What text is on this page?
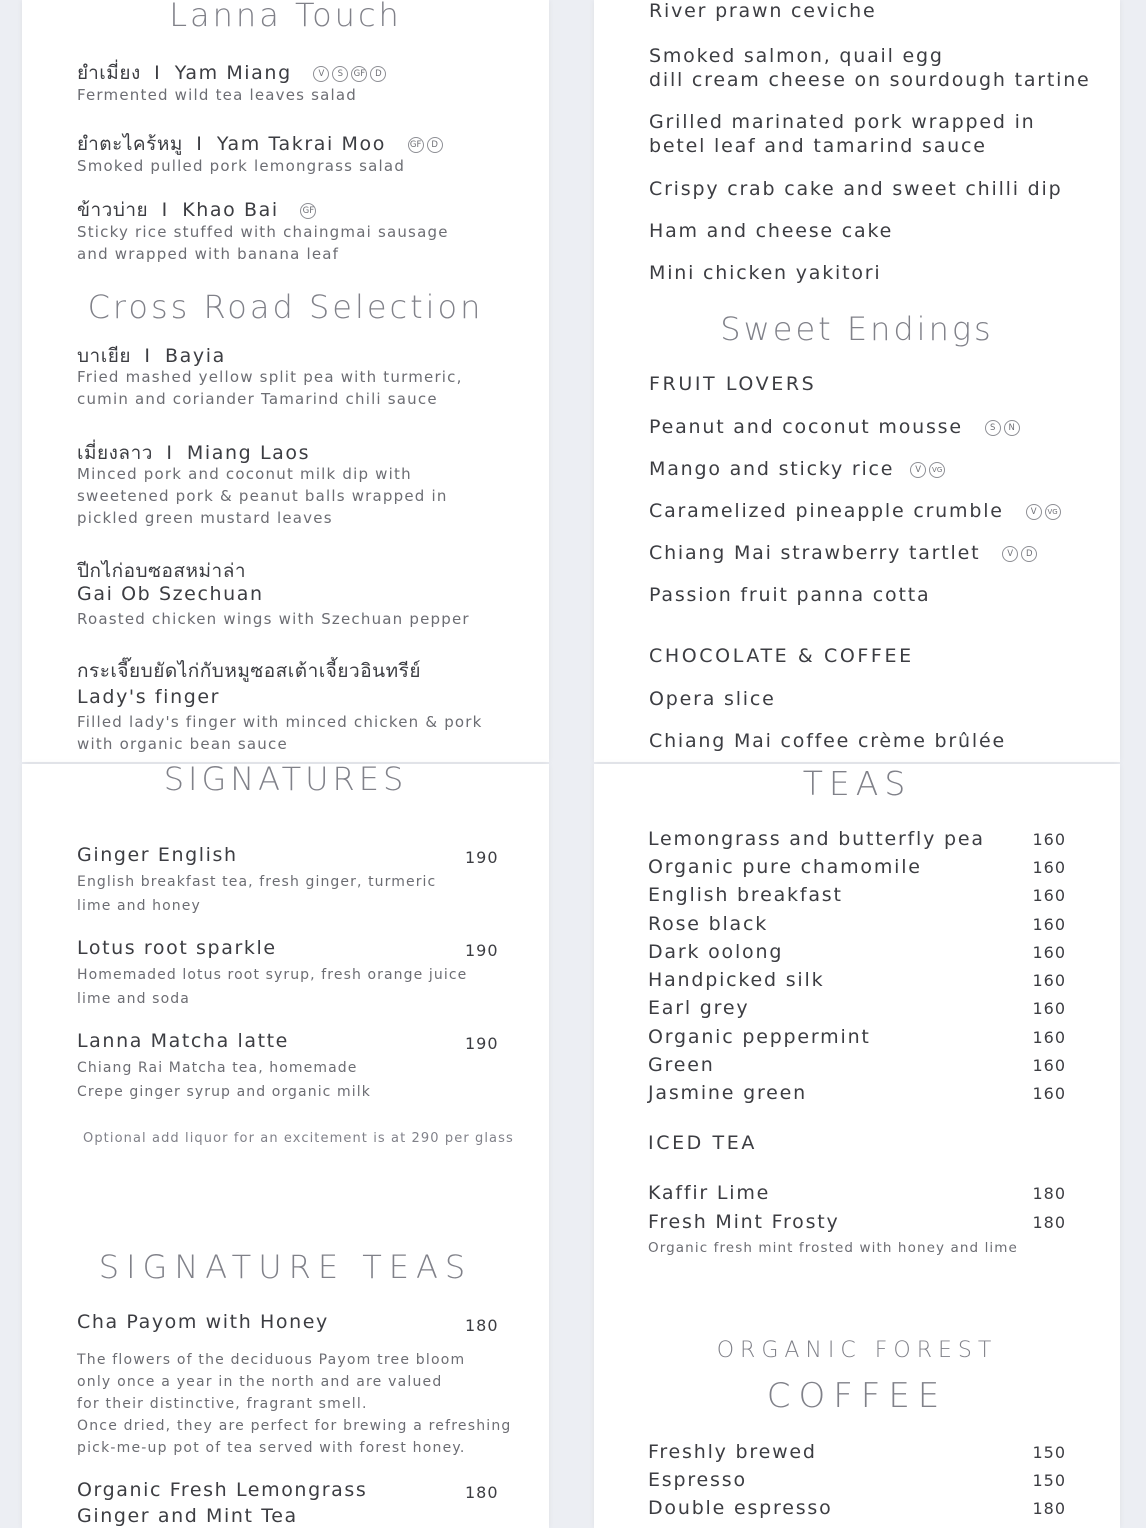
Lanna Touch
ยำเมี่ยง I Yam Miang	V	S	GF	D
Fermented wild tea leaves salad
ยำตะไคร้หมู I Yam Takrai Moo	GF	D
Smoked pulled pork lemongrass salad
ข้าวบ่าย I Khao Bai	GF
Sticky rice stuffed with chaingmai sausage
and wrapped with banana leaf
Cross Road Selection
บาเยีย I Bayia
Fried mashed yellow split pea with turmeric,
cumin and coriander Tamarind chili sauce
เมี่ยงลาว I Miang Laos
Minced pork and coconut milk dip with
sweetened pork & peanut balls wrapped in
pickled green mustard leaves
ปีกไก่อบซอสหม่าล่า
Gai Ob Szechuan
Roasted chicken wings with Szechuan pepper
กระเจี๊ยบยัดไก่กับหมูซอสเต้าเจี้ยวอินทรีย์
Lady's finger
Filled lady's finger with minced chicken & pork
with organic bean sauce
River prawn ceviche
Smoked salmon, quail egg
dill cream cheese on sourdough tartine
Grilled marinated pork wrapped in
betel leaf and tamarind sauce
Crispy crab cake and sweet chilli dip
Ham and cheese cake
Mini chicken yakitori
Sweet Endings
FRUIT LOVERS
Peanut and coconut mousse	S	N
Mango and sticky rice	V	VG
Caramelized pineapple crumble	V	VG
Chiang Mai strawberry tartlet	V	D
Passion fruit panna cotta
CHOCOLATE & COFFEE
Opera slice
Chiang Mai coffee crème brûlée
SIGNATURES
Ginger English	190
English breakfast tea, fresh ginger, turmeric
lime and honey
Lotus root sparkle	190
Homemaded lotus root syrup, fresh orange juice
lime and soda
Lanna Matcha latte	190
Chiang Rai Matcha tea, homemade
Crepe ginger syrup and organic milk
Optional add liquor for an excitement is at 290 per glass
SIGNATURE TEAS
Cha Payom with Honey	180
The flowers of the deciduous Payom tree bloom
only once a year in the north and are valued
for their distinctive, fragrant smell.
Once dried, they are perfect for brewing a refreshing
pick-me-up pot of tea served with forest honey.
Organic Fresh Lemongrass
Ginger and Mint Tea
180
TEAS
Lemongrass and butterfly pea	160
Organic pure chamomile	160
English breakfast	160
Rose black	160
Dark oolong	160
Handpicked silk	160
Earl grey	160
Organic peppermint	160
Green	160
Jasmine green	160
ICED TEA
Kaffir Lime	180
Fresh Mint Frosty	180
Organic fresh mint frosted with honey and lime
ORGANIC FOREST
COFFEE
Freshly brewed	150
Espresso	150
Double espresso	180
